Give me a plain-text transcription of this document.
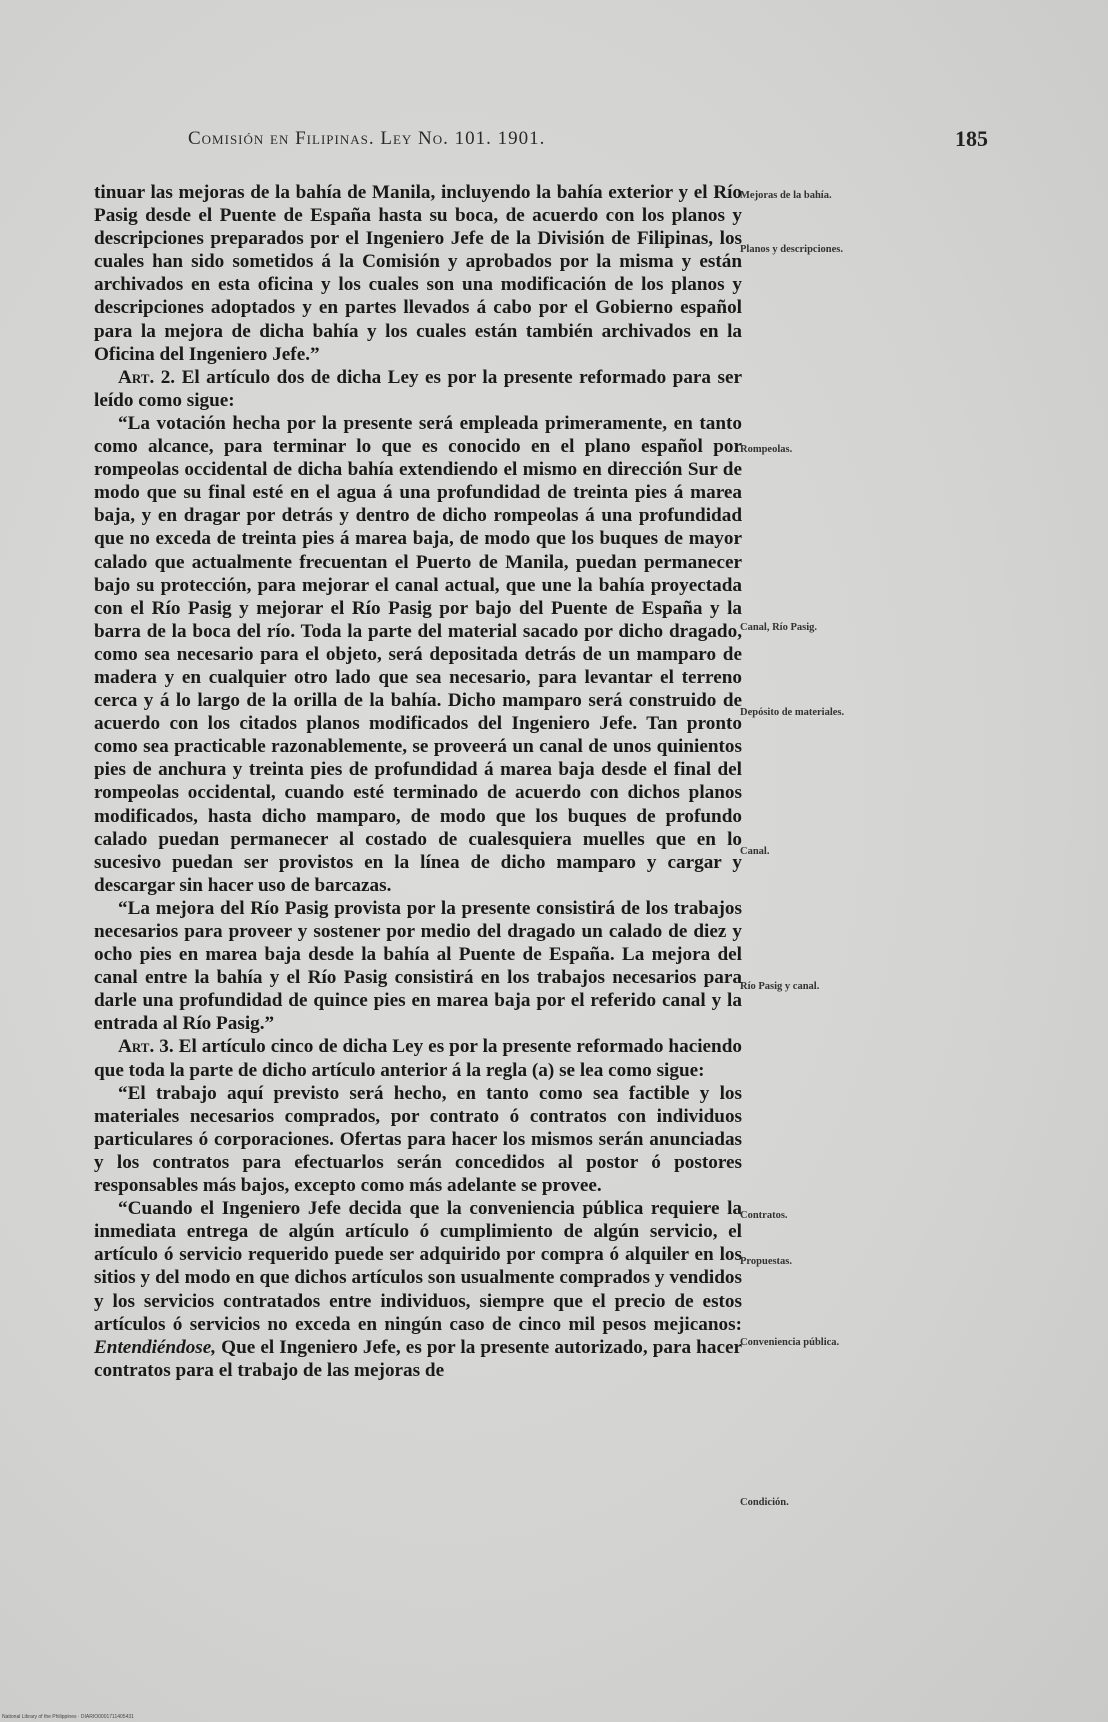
Comisión en Filipinas. Ley No. 101. 1901.	185

tinuar las mejoras de la bahía de Manila, incluyendo la bahía exterior y el Río Pasig desde el Puente de España hasta su boca, de acuerdo con los planos y descripciones preparados por el Ingeniero Jefe de la División de Filipinas, los cuales han sido sometidos á la Comisión y aprobados por la misma y están archivados en esta oficina y los cuales son una modificación de los planos y descripciones adoptados y en partes llevados á cabo por el Gobierno español para la mejora de dicha bahía y los cuales están también archivados en la Oficina del Ingeniero Jefe.”

Art. 2. El artículo dos de dicha Ley es por la presente reformado para ser leído como sigue:

“La votación hecha por la presente será empleada primeramente, en tanto como alcance, para terminar lo que es conocido en el plano español por rompeolas occidental de dicha bahía extendiendo el mismo en dirección Sur de modo que su final esté en el agua á una profundidad de treinta pies á marea baja, y en dragar por detrás y dentro de dicho rompeolas á una profundidad que no exceda de treinta pies á marea baja, de modo que los buques de mayor calado que actualmente frecuentan el Puerto de Manila, puedan permanecer bajo su protección, para mejorar el canal actual, que une la bahía proyectada con el Río Pasig y mejorar el Río Pasig por bajo del Puente de España y la barra de la boca del río. Toda la parte del material sacado por dicho dragado, como sea necesario para el objeto, será depositada detrás de un mamparo de madera y en cualquier otro lado que sea necesario, para levantar el terreno cerca y á lo largo de la orilla de la bahía. Dicho mamparo será construido de acuerdo con los citados planos modificados del Ingeniero Jefe. Tan pronto como sea practicable razonablemente, se proveerá un canal de unos quinientos pies de anchura y treinta pies de profundidad á marea baja desde el final del rompeolas occidental, cuando esté terminado de acuerdo con dichos planos modificados, hasta dicho mamparo, de modo que los buques de profundo calado puedan permanecer al costado de cualesquiera muelles que en lo sucesivo puedan ser provistos en la línea de dicho mamparo y cargar y descargar sin hacer uso de barcazas.

“La mejora del Río Pasig provista por la presente consistirá de los trabajos necesarios para proveer y sostener por medio del dragado un calado de diez y ocho pies en marea baja desde la bahía al Puente de España. La mejora del canal entre la bahía y el Río Pasig consistirá en los trabajos necesarios para darle una profundidad de quince pies en marea baja por el referido canal y la entrada al Río Pasig.”

Art. 3. El artículo cinco de dicha Ley es por la presente reformado haciendo que toda la parte de dicho artículo anterior á la regla (a) se lea como sigue:

“El trabajo aquí previsto será hecho, en tanto como sea factible y los materiales necesarios comprados, por contrato ó contratos con individuos particulares ó corporaciones. Ofertas para hacer los mismos serán anunciadas y los contratos para efectuarlos serán concedidos al postor ó postores responsables más bajos, excepto como más adelante se provee.

“Cuando el Ingeniero Jefe decida que la conveniencia pública requiere la inmediata entrega de algún artículo ó cumplimiento de algún servicio, el artículo ó servicio requerido puede ser adquirido por compra ó alquiler en los sitios y del modo en que dichos artículos son usualmente comprados y vendidos y los servicios contratados entre individuos, siempre que el precio de estos artículos ó servicios no exceda en ningún caso de cinco mil pesos mejicanos: Entendiéndose, Que el Ingeniero Jefe, es por la presente autorizado, para hacer contratos para el trabajo de las mejoras de

Mejoras de la bahía.
Planos y descripciones.
Rompeolas.
Canal, Río Pasig.
Depósito de materiales.
Canal.
Río Pasig y canal.
Contratos.
Propuestas.
Conveniencia pública.
Condición.
National Library of the Philippines · DIARIO0001711405431
